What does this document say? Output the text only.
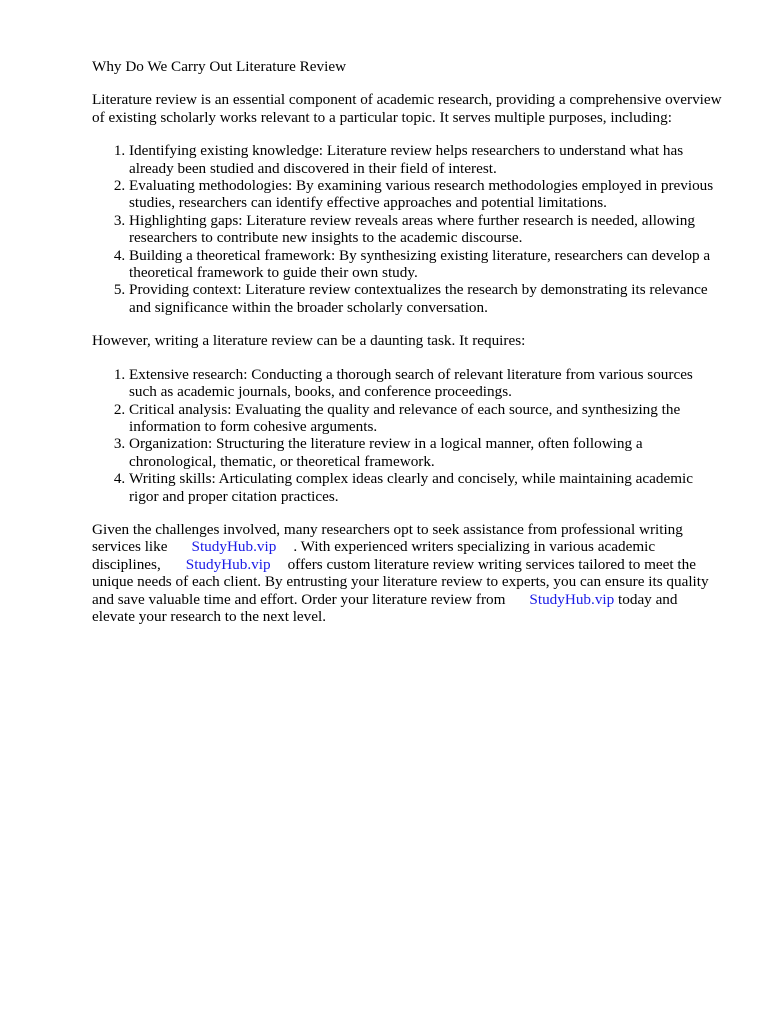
Why Do We Carry Out Literature Review

Literature review is an essential component of academic research, providing a comprehensive overview of existing scholarly works relevant to a particular topic. It serves multiple purposes, including:

1. Identifying existing knowledge: Literature review helps researchers to understand what has already been studied and discovered in their field of interest.
2. Evaluating methodologies: By examining various research methodologies employed in previous studies, researchers can identify effective approaches and potential limitations.
3. Highlighting gaps: Literature review reveals areas where further research is needed, allowing researchers to contribute new insights to the academic discourse.
4. Building a theoretical framework: By synthesizing existing literature, researchers can develop a theoretical framework to guide their own study.
5. Providing context: Literature review contextualizes the research by demonstrating its relevance and significance within the broader scholarly conversation.

However, writing a literature review can be a daunting task. It requires:

1. Extensive research: Conducting a thorough search of relevant literature from various sources such as academic journals, books, and conference proceedings.
2. Critical analysis: Evaluating the quality and relevance of each source, and synthesizing the information to form cohesive arguments.
3. Organization: Structuring the literature review in a logical manner, often following a chronological, thematic, or theoretical framework.
4. Writing skills: Articulating complex ideas clearly and concisely, while maintaining academic rigor and proper citation practices.

Given the challenges involved, many researchers opt to seek assistance from professional writing services like StudyHub.vip . With experienced writers specializing in various academic disciplines, StudyHub.vip offers custom literature review writing services tailored to meet the unique needs of each client. By entrusting your literature review to experts, you can ensure its quality and save valuable time and effort. Order your literature review from StudyHub.vip today and elevate your research to the next level.
